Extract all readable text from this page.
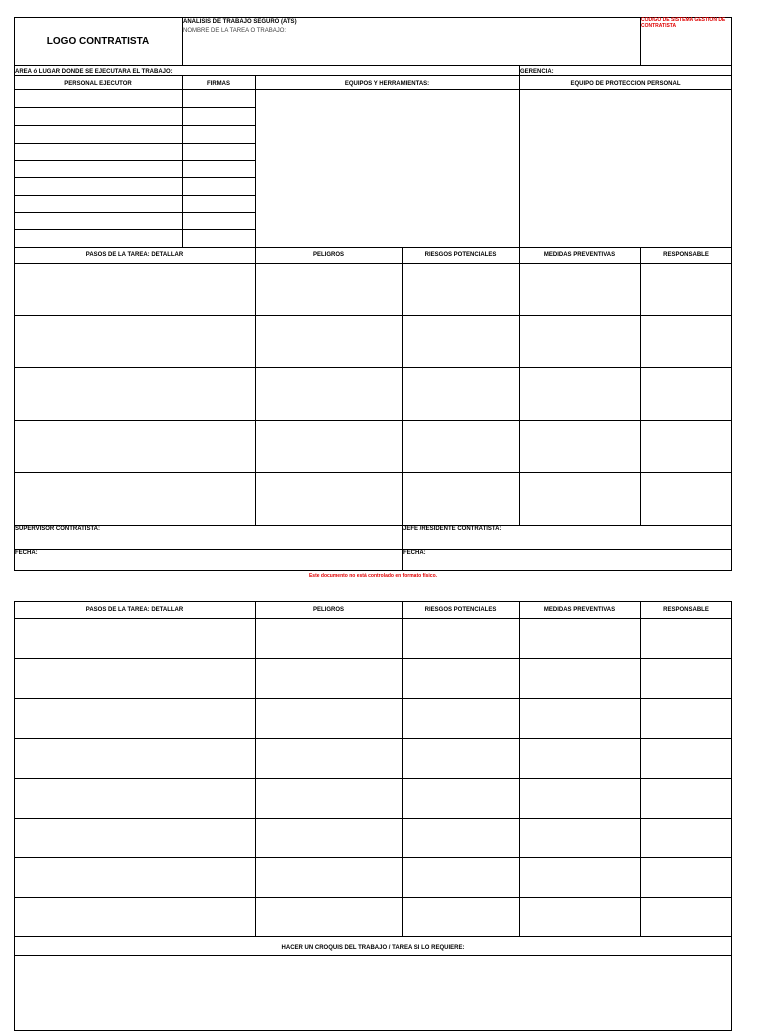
LOGO CONTRATISTA
ANALISIS DE TRABAJO SEGURO (ATS)
NOMBRE DE LA TAREA O TRABAJO:
CODIGO DE SISTEMA GESTION DE CONTRATISTA
AREA ó LUGAR DONDE SE EJECUTARA EL TRABAJO:	GERENCIA:
PERSONAL EJECUTOR	FIRMAS	EQUIPOS Y HERRAMIENTAS:	EQUIPO DE PROTECCION PERSONAL
PASOS DE LA TAREA: DETALLAR	PELIGROS	RIESGOS POTENCIALES	MEDIDAS PREVENTIVAS	RESPONSABLE
SUPERVISOR CONTRATISTA:	JEFE /RESIDENTE CONTRATISTA:
FECHA:	FECHA:
Este documento no está controlado en formato físico.
PASOS DE LA TAREA: DETALLAR	PELIGROS	RIESGOS POTENCIALES	MEDIDAS PREVENTIVAS	RESPONSABLE
HACER UN CROQUIS DEL TRABAJO / TAREA SI LO REQUIERE:
